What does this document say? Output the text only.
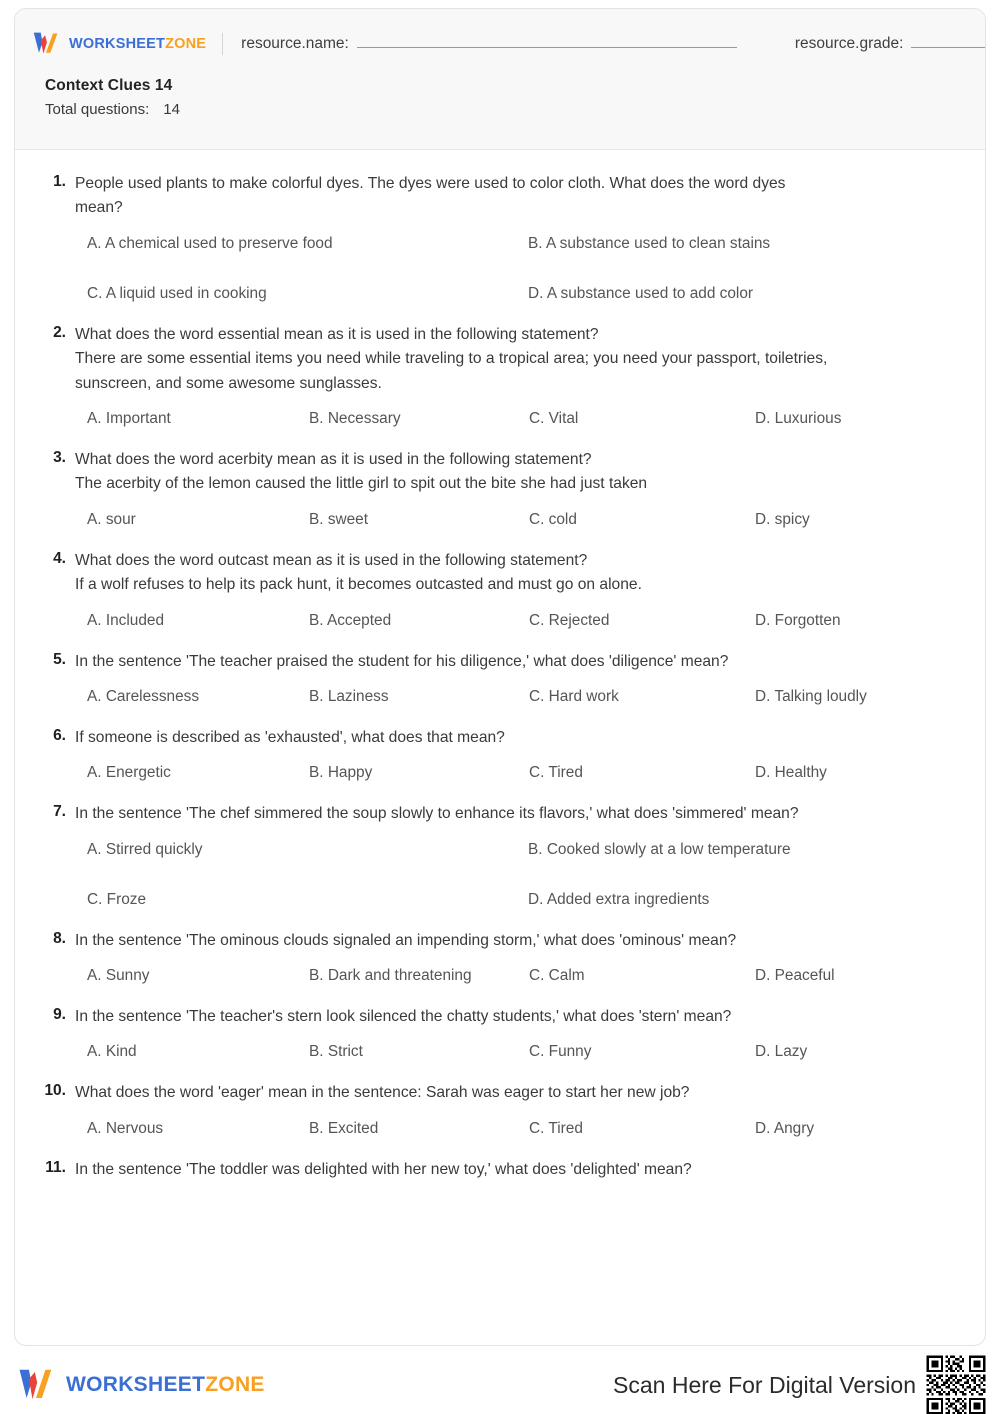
WORKSHEETZONE resource.name:	resource.grade:
Context Clues 14
Total questions: 14
1. People used plants to make colorful dyes. The dyes were used to color cloth. What does the word dyes
mean?
A. A chemical used to preserve food	B. A substance used to clean stains
C. A liquid used in cooking	D. A substance used to add color
2. What does the word essential mean as it is used in the following statement?
There are some essential items you need while traveling to a tropical area; you need your passport, toiletries,
sunscreen, and some awesome sunglasses.
A. Important	B. Necessary	C. Vital	D. Luxurious
3. What does the word acerbity mean as it is used in the following statement?
The acerbity of the lemon caused the little girl to spit out the bite she had just taken
A. sour	B. sweet	C. cold	D. spicy
4. What does the word outcast mean as it is used in the following statement?
If a wolf refuses to help its pack hunt, it becomes outcasted and must go on alone.
A. Included	B. Accepted	C. Rejected	D. Forgotten
5. In the sentence 'The teacher praised the student for his diligence,' what does 'diligence' mean?
A. Carelessness	B. Laziness	C. Hard work	D. Talking loudly
6. If someone is described as 'exhausted', what does that mean?
A. Energetic	B. Happy	C. Tired	D. Healthy
7. In the sentence 'The chef simmered the soup slowly to enhance its flavors,' what does 'simmered' mean?
A. Stirred quickly	B. Cooked slowly at a low temperature
C. Froze	D. Added extra ingredients
8. In the sentence 'The ominous clouds signaled an impending storm,' what does 'ominous' mean?
A. Sunny	B. Dark and threatening	C. Calm	D. Peaceful
9. In the sentence 'The teacher's stern look silenced the chatty students,' what does 'stern' mean?
A. Kind	B. Strict	C. Funny	D. Lazy
10. What does the word 'eager' mean in the sentence: Sarah was eager to start her new job?
A. Nervous	B. Excited	C. Tired	D. Angry
11. In the sentence 'The toddler was delighted with her new toy,' what does 'delighted' mean?
WORKSHEETZONE	Scan Here For Digital Version
